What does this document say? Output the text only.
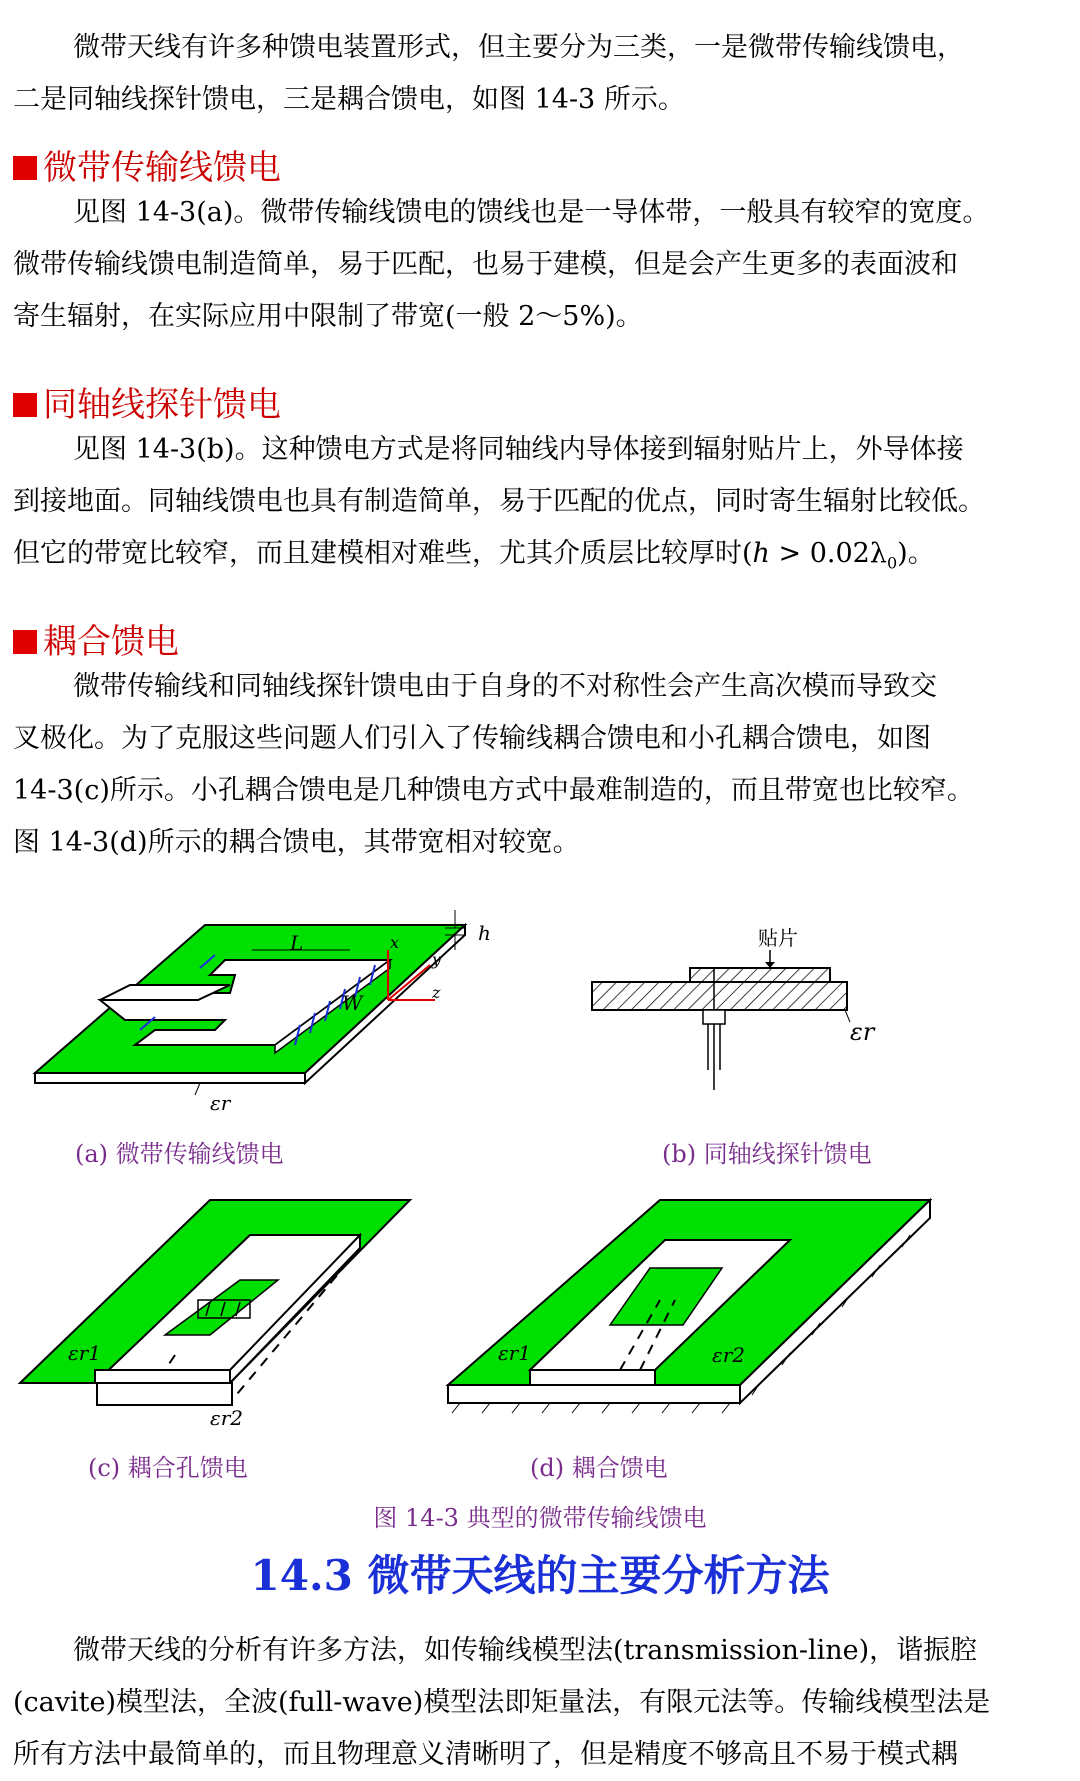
微带天线有许多种馈电装置形式，但主要分为三类，一是微带传输线馈电，
二是同轴线探针馈电，三是耦合馈电，如图 14-3 所示。
微带传输线馈电
见图 14-3(a)。微带传输线馈电的馈线也是一导体带，一般具有较窄的宽度。
微带传输线馈电制造简单，易于匹配，也易于建模，但是会产生更多的表面波和
寄生辐射，在实际应用中限制了带宽(一般 2～5%)。
同轴线探针馈电
见图 14-3(b)。这种馈电方式是将同轴线内导体接到辐射贴片上，外导体接
到接地面。同轴线馈电也具有制造简单，易于匹配的优点，同时寄生辐射比较低。
但它的带宽比较窄，而且建模相对难些，尤其介质层比较厚时$(h > 0.02\lambda_0)$。
耦合馈电
微带传输线和同轴线探针馈电由于自身的不对称性会产生高次模而导致交
叉极化。为了克服这些问题人们引入了传输线耦合馈电和小孔耦合馈电，如图
14-3(c)所示。小孔耦合馈电是几种馈电方式中最难制造的，而且带宽也比较窄。
图 14-3(d)所示的耦合馈电，其带宽相对较宽。
L
W
h
x
y
z
εr
贴片
εr
εr1
εr2
εr1	εr2
(a) 微带传输线馈电	(b) 同轴线探针馈电
(c) 耦合孔馈电	(d) 耦合馈电
图 14-3 典型的微带传输线馈电
14.3 微带天线的主要分析方法
微带天线的分析有许多方法，如传输线模型法(transmission-line)，谐振腔
(cavite)模型法，全波(full-wave)模型法即矩量法，有限元法等。传输线模型法是
所有方法中最简单的，而且物理意义清晰明了，但是精度不够高且不易于模式耦
